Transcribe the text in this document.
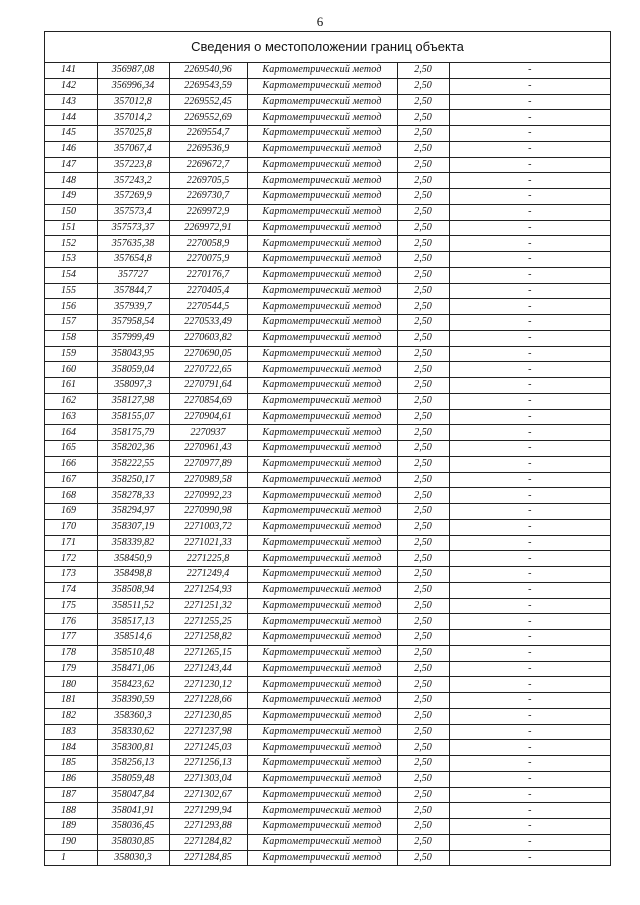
6
Сведения о местоположении границ объекта
141	356987,08	2269540,96	Картометрический метод	2,50	-
142	356996,34	2269543,59	Картометрический метод	2,50	-
143	357012,8	2269552,45	Картометрический метод	2,50	-
144	357014,2	2269552,69	Картометрический метод	2,50	-
145	357025,8	2269554,7	Картометрический метод	2,50	-
146	357067,4	2269536,9	Картометрический метод	2,50	-
147	357223,8	2269672,7	Картометрический метод	2,50	-
148	357243,2	2269705,5	Картометрический метод	2,50	-
149	357269,9	2269730,7	Картометрический метод	2,50	-
150	357573,4	2269972,9	Картометрический метод	2,50	-
151	357573,37	2269972,91	Картометрический метод	2,50	-
152	357635,38	2270058,9	Картометрический метод	2,50	-
153	357654,8	2270075,9	Картометрический метод	2,50	-
154	357727	2270176,7	Картометрический метод	2,50	-
155	357844,7	2270405,4	Картометрический метод	2,50	-
156	357939,7	2270544,5	Картометрический метод	2,50	-
157	357958,54	2270533,49	Картометрический метод	2,50	-
158	357999,49	2270603,82	Картометрический метод	2,50	-
159	358043,95	2270690,05	Картометрический метод	2,50	-
160	358059,04	2270722,65	Картометрический метод	2,50	-
161	358097,3	2270791,64	Картометрический метод	2,50	-
162	358127,98	2270854,69	Картометрический метод	2,50	-
163	358155,07	2270904,61	Картометрический метод	2,50	-
164	358175,79	2270937	Картометрический метод	2,50	-
165	358202,36	2270961,43	Картометрический метод	2,50	-
166	358222,55	2270977,89	Картометрический метод	2,50	-
167	358250,17	2270989,58	Картометрический метод	2,50	-
168	358278,33	2270992,23	Картометрический метод	2,50	-
169	358294,97	2270990,98	Картометрический метод	2,50	-
170	358307,19	2271003,72	Картометрический метод	2,50	-
171	358339,82	2271021,33	Картометрический метод	2,50	-
172	358450,9	2271225,8	Картометрический метод	2,50	-
173	358498,8	2271249,4	Картометрический метод	2,50	-
174	358508,94	2271254,93	Картометрический метод	2,50	-
175	358511,52	2271251,32	Картометрический метод	2,50	-
176	358517,13	2271255,25	Картометрический метод	2,50	-
177	358514,6	2271258,82	Картометрический метод	2,50	-
178	358510,48	2271265,15	Картометрический метод	2,50	-
179	358471,06	2271243,44	Картометрический метод	2,50	-
180	358423,62	2271230,12	Картометрический метод	2,50	-
181	358390,59	2271228,66	Картометрический метод	2,50	-
182	358360,3	2271230,85	Картометрический метод	2,50	-
183	358330,62	2271237,98	Картометрический метод	2,50	-
184	358300,81	2271245,03	Картометрический метод	2,50	-
185	358256,13	2271256,13	Картометрический метод	2,50	-
186	358059,48	2271303,04	Картометрический метод	2,50	-
187	358047,84	2271302,67	Картометрический метод	2,50	-
188	358041,91	2271299,94	Картометрический метод	2,50	-
189	358036,45	2271293,88	Картометрический метод	2,50	-
190	358030,85	2271284,82	Картометрический метод	2,50	-
1	358030,3	2271284,85	Картометрический метод	2,50	-
